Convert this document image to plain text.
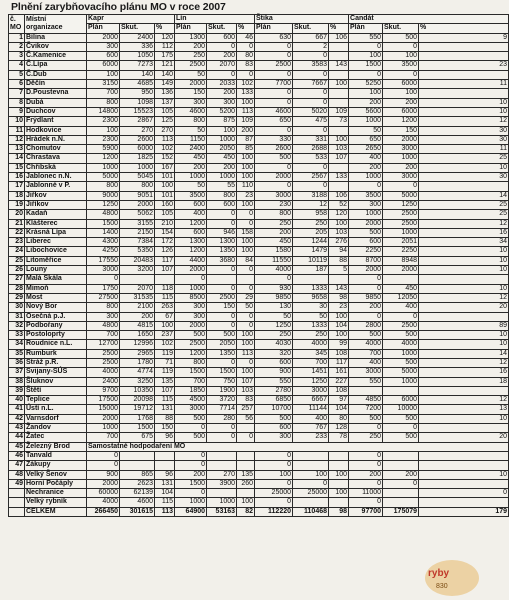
Plnění zarybňovacího plánu MO v roce 2007
č.
MO	Místní
organizace	Kapr			Lín			Štika			Candát		
		Plán	Skut.	%	Plán	Skut.	%	Plán	Skut.	%	Plán	Skut.	%
1	Bílina	2000	2400	120	1300	600	46	630	667	106	550	500	9
2	Čvikov	300	336	112	200	0	0	0	2		0	0	
3	Č.Kamenice	600	1050	175	250	200	80	0	0		100	100	
4	Č.Lípa	6000	7273	121	2500	2070	83	2500	3583	143	1500	3500	23
5	Č.Dub	100	140	140	50	0	0	0	0		0	0	
6	Děčín	3150	4685	149	2000	2033	102	7700	7667	100	5250	6000	11
7	D.Poustevna	700	950	136	150	200	133	0	0		100	100	
8	Dubá	800	1098	137	300	300	100	0	0		200	200	10
9	Duchcov	14800	15523	105	4600	5200	113	4600	5020	109	5600	6000	10
10	Frýdlant	2300	2867	125	800	875	109	650	475	73	1000	1200	12
11	Hodkovice	100	270	270	50	100	200	0	0		50	150	30
12	Hrádek n.N.	2300	2600	113	1150	1000	87	330	331	100	650	2000	30
13	Chomutov	5900	6000	102	2400	2050	85	2600	2688	103	2650	3000	11
14	Chrastava	1200	1825	152	450	450	100	500	533	107	400	1000	25
15	Chřibská	1000	1000	167	200	200	100	0	0		200	200	10
16	Jablonec n.N.	5000	5045	101	1000	1000	100	2000	2567	133	1000	3000	30
17	Jablonné v P.	800	800	100	50	55	110	0	0		0	0	
18	Jiřkov	9000	9051	101	3500	800	23	3000	3188	106	3500	5000	14
19	Jiříkov	1250	2000	160	600	600	100	230	12	52	300	1250	25
20	Kadaň	4800	5062	105	400	0	0	800	958	120	1000	2500	25
21	Klášterec	1500	3155	210	1200	0	0	250	250	100	2000	2500	12
22	Krásná Lípa	1400	2150	154	600	946	158	200	205	103	500	1000	16
23	Liberec	4300	7384	172	1300	1300	100	450	1244	276	600	2051	34
24	Libochovice	4250	5350	126	1200	1350	100	1580	1479	94	2250	2250	10
25	Litoměřice	17550	20483	117	4400	3680	84	11550	10119	88	8700	8948	10
26	Louny	3000	3200	107	2000	0	0	4000	187	5	2000	2000	10
27	Malá Skála	0			0			0			0		
28	Mimoň	1750	2070	118	1000	0	0	930	1333	143	0	450	10
29	Most	27500	31535	115	8500	2500	29	9850	9658	98	9850	12050	12
30	Nový Bor	800	2100	263	300	150	50	130	30	23	200	400	20
31	Osečná p.J.	300	200	67	300	0	0	50	50	100	0	0	
32	Podbořany	4800	4815	100	2000	0	0	1250	1333	104	2800	2500	89
33	Postoloprty	700	1650	237	500	500	100	250	250	100	500	500	10
34	Roudnice n.L.	12700	12996	102	2500	2050	100	4030	4000	99	4000	4000	10
35	Rumburk	2500	2965	119	1200	1350	113	320	345	108	700	1000	14
36	Stráž p.R.	2500	1780	71	800	0	0	600	700	117	400	500	12
37	Svijany-SÚS	4000	4774	119	1500	1500	100	900	1451	161	3000	5000	16
38	Šluknov	2400	3250	135	700	750	107	550	1250	227	550	1000	18
39	Štětí	9700	10350	107	1850	1900	103	2780	3000	108			
40	Teplice	17500	20098	115	4500	3720	83	6850	6667	97	4850	6000	12
41	Ústí n.L.	15000	19712	131	3000	7714	257	10700	11144	104	7200	10000	13
42	Varnsdorf	2000	1768	88	500	280	56	500	400	80	500	500	10
43	Žandov	1000	1500	150	0	0		600	767	128	0	0	
44	Žatec	700	675	96	500	0	0	300	233	78	250	500	20
45	Železný Brod	Samostatné hodpodaření MO											
46	Tanvald	0			0			0			0		
47	Zákupy	0			0			0			0		
48	Velký Šenov	900	865	96	200	270	135	100	100	100	200	200	10
49	Horní Počáply	2000	2623	131	1500	3900	260	0	0		0	0	
	Nechranice	60000	62139	104	0			25000	25000	100	11000		0
	Velký rybník	4000	4600	115	1000	1000	100	0			0		
	CELKEM	266450	301615	113	64900	53163	82	112220	110468	98	97700	175079	179
ryby
830
